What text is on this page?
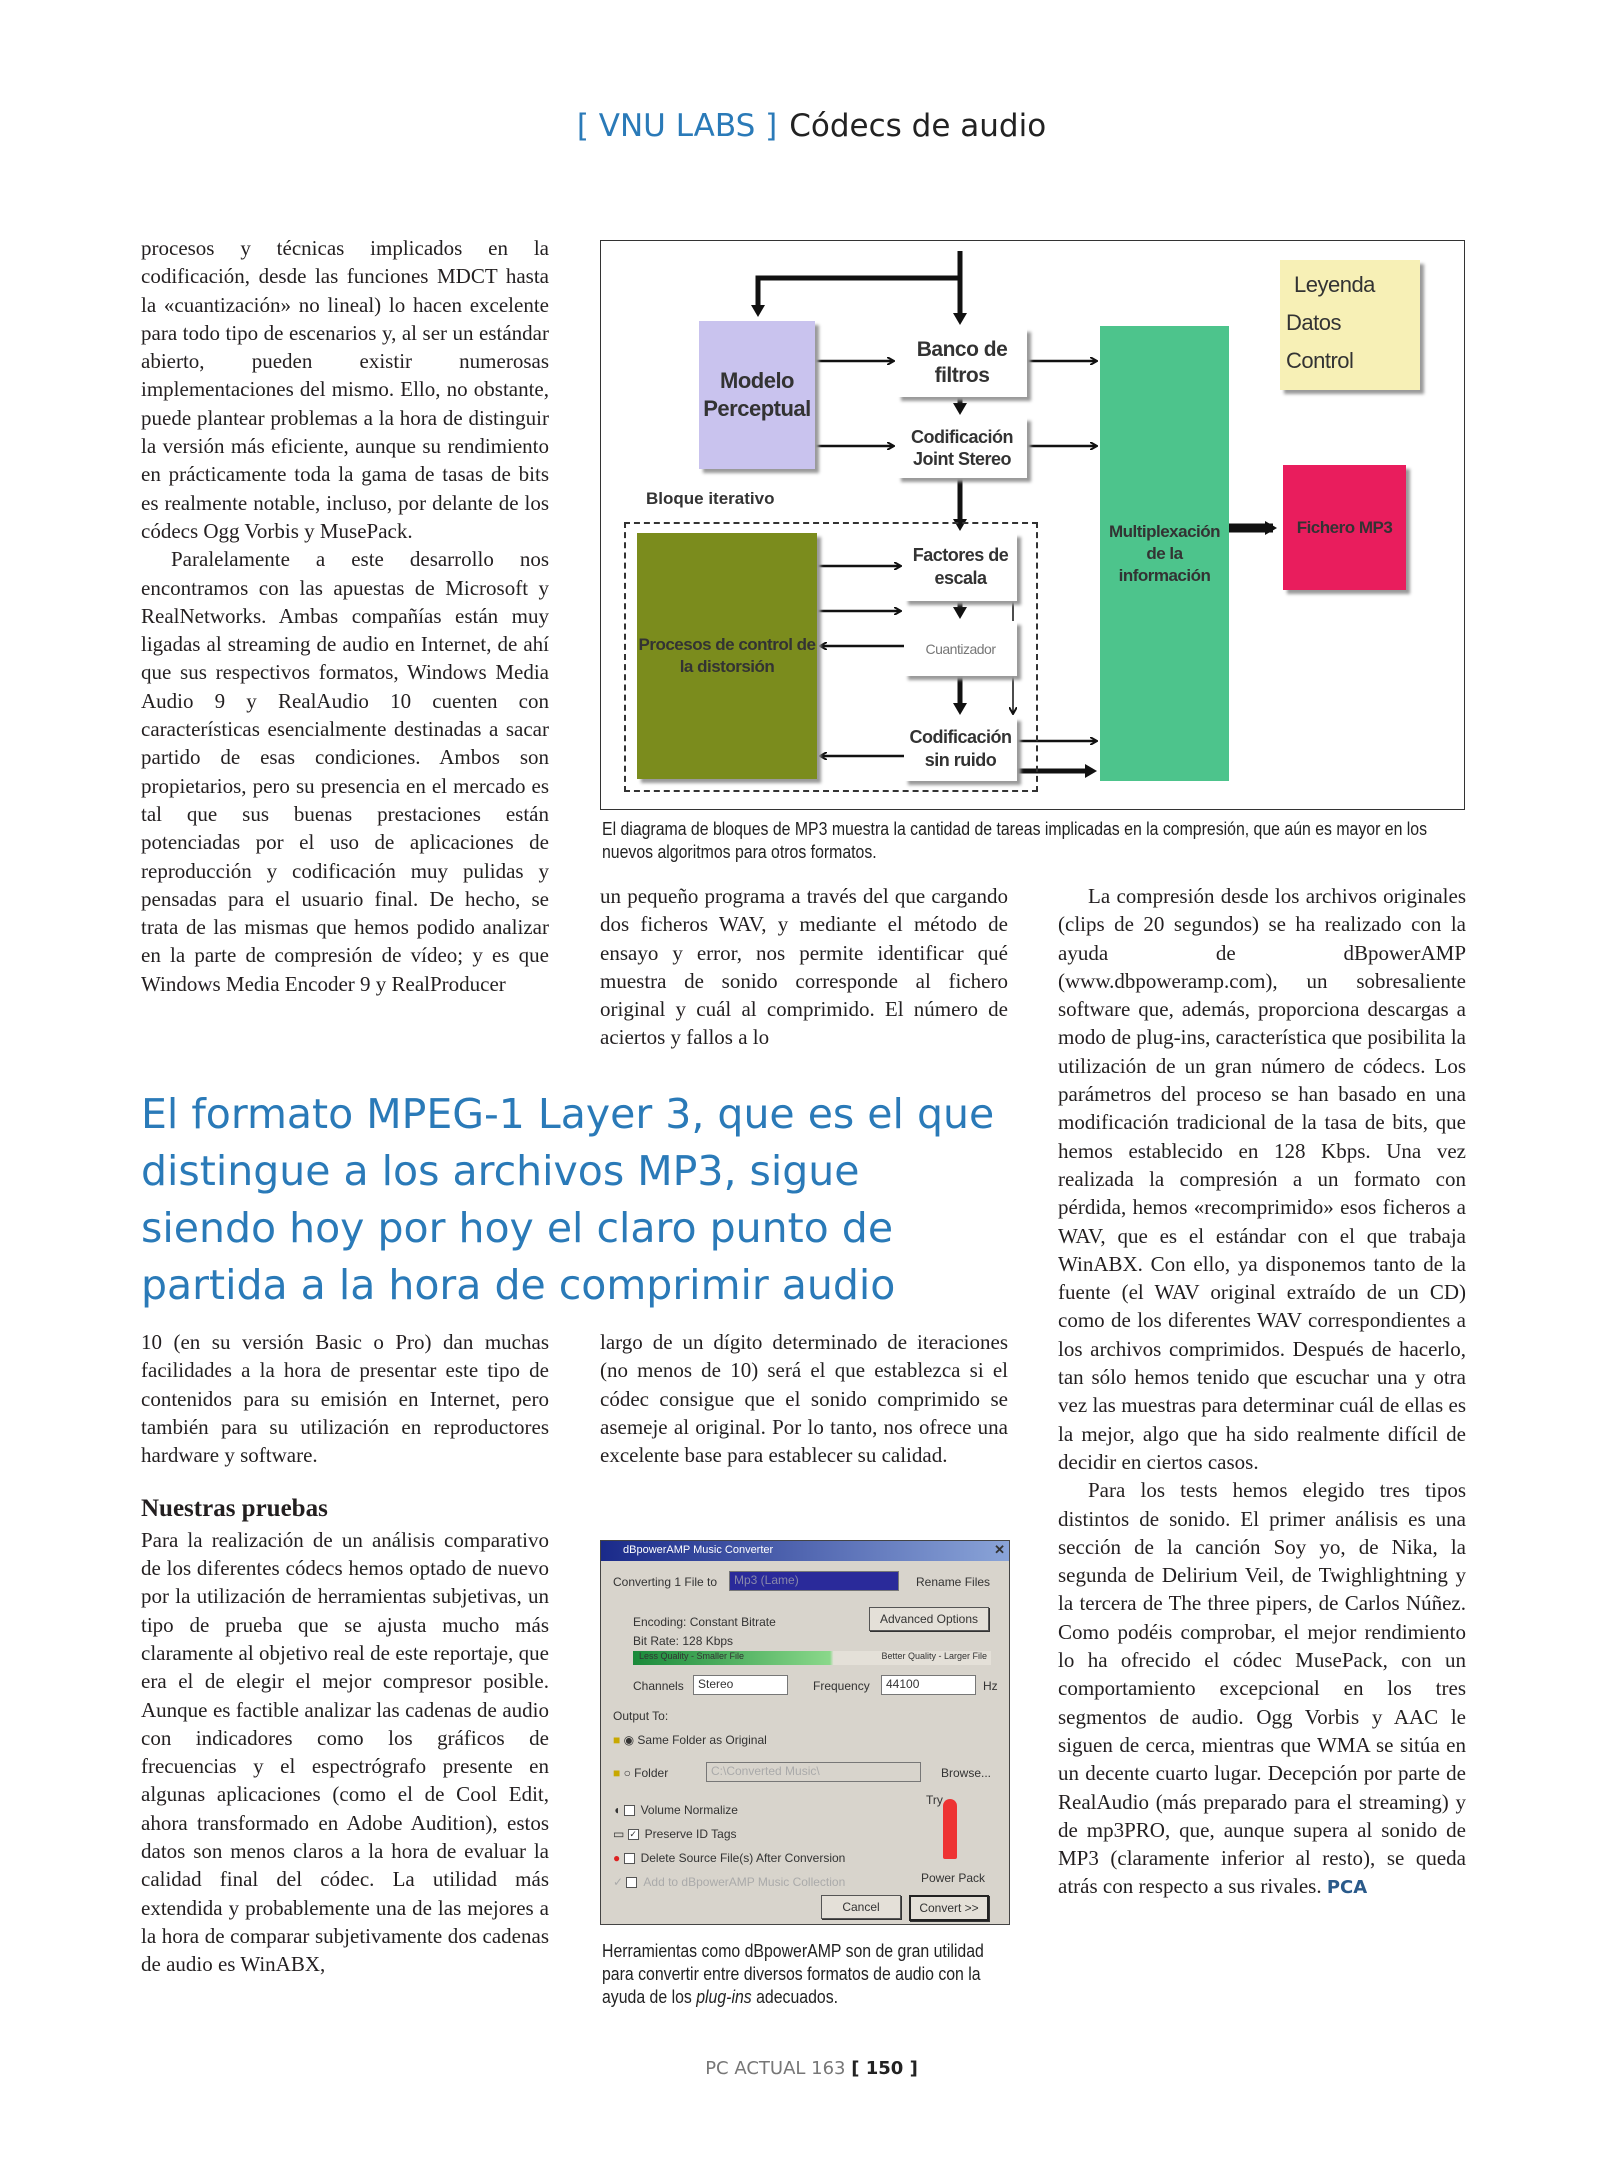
[ VNU LABS ] Códecs de audio

procesos y técnicas implicados en la codificación, desde las funciones MDCT hasta la «cuantización» no lineal) lo hacen excelente para todo tipo de escenarios y, al ser un estándar abierto, pueden existir numerosas implementaciones del mismo. Ello, no obstante, puede plantear problemas a la hora de distinguir la versión más eficiente, aunque su rendimiento en prácticamente toda la gama de tasas de bits es realmente notable, incluso, por delante de los códecs Ogg Vorbis y MusePack.

Paralelamente a este desarrollo nos encontramos con las apuestas de Microsoft y RealNetworks. Ambas compañías están muy ligadas al streaming de audio en Internet, de ahí que sus respectivos formatos, Windows Media Audio 9 y RealAudio 10 cuenten con características esencialmente destinadas a sacar partido de esas condiciones. Ambos son propietarios, pero su presencia en el mercado es tal que sus buenas prestaciones están potenciadas por el uso de aplicaciones de reproducción y codificación muy pulidas y pensadas para el usuario final. De hecho, se trata de las mismas que hemos podido analizar en la parte de compresión de vídeo; y es que Windows Media Encoder 9 y RealProducer

Modelo Perceptual
Banco de filtros
Codificación Joint Stereo
Multiplexación de la información
Leyenda
Datos
Control
Fichero MP3
Bloque iterativo
Procesos de control de la distorsión
Factores de escala
Cuantizador
Codificación sin ruido
El diagrama de bloques de MP3 muestra la cantidad de tareas implicadas en la compresión, que aún es mayor en los nuevos algoritmos para otros formatos.

un pequeño programa a través del que cargando dos ficheros WAV, y mediante el método de ensayo y error, nos permite identificar qué muestra de sonido corresponde al fichero original y cuál al comprimido. El número de aciertos y fallos a lo

El formato MPEG-1 Layer 3, que es el que distingue a los archivos MP3, sigue siendo hoy por hoy el claro punto de partida a la hora de comprimir audio

10 (en su versión Basic o Pro) dan muchas facilidades a la hora de presentar este tipo de contenidos para su emisión en Internet, pero también para su utilización en reproductores hardware y software.

Nuestras pruebas

Para la realización de un análisis comparativo de los diferentes códecs hemos optado de nuevo por la utilización de herramientas subjetivas, un tipo de prueba que se ajusta mucho más claramente al objetivo real de este reportaje, que era el de elegir el mejor compresor posible. Aunque es factible analizar las cadenas de audio con indicadores como los gráficos de frecuencias y el espectrógrafo presente en algunas aplicaciones (como el de Cool Edit, ahora transformado en Adobe Audition), estos datos son menos claros a la hora de evaluar la calidad final del códec. La utilidad más extendida y probablemente una de las mejores a la hora de comparar subjetivamente dos cadenas de audio es WinABX,

largo de un dígito determinado de iteraciones (no menos de 10) será el que establezca si el códec consigue que el sonido comprimido se asemeje al original. Por lo tanto, nos ofrece una excelente base para establecer su calidad.

dBpowerAMP Music Converter	✕
Converting 1 File to	Mp3 (Lame)	Rename Files
Encoding: Constant Bitrate	Advanced Options
Bit Rate: 128 Kbps
Less Quality - Smaller File	Better Quality - Larger File
Channels	Stereo	Frequency	44100	Hz
Output To:
■ ◉ Same Folder as Original
■ ○ Folder	C:\Converted Music\	Browse...
◖ Volume Normalize
▭ ✓ Preserve ID Tags
● Delete Source File(s) After Conversion
✓ Add to dBpowerAMP Music Collection
Try
Power Pack
Cancel	Convert >>
Herramientas como dBpowerAMP son de gran utilidad para convertir entre diversos formatos de audio con la ayuda de los plug-ins adecuados.

La compresión desde los archivos originales (clips de 20 segundos) se ha realizado con la ayuda de dBpowerAMP (www.dbpoweramp.com), un sobresaliente software que, además, proporciona descargas a modo de plug-ins, característica que posibilita la utilización de un gran número de códecs. Los parámetros del proceso se han basado en una modificación tradicional de la tasa de bits, que hemos establecido en 128 Kbps. Una vez realizada la compresión a un formato con pérdida, hemos «recomprimido» esos ficheros a WAV, que es el estándar con el que trabaja WinABX. Con ello, ya disponemos tanto de la fuente (el WAV original extraído de un CD) como de los diferentes WAV correspondientes a los archivos comprimidos. Después de hacerlo, tan sólo hemos tenido que escuchar una y otra vez las muestras para determinar cuál de ellas es la mejor, algo que ha sido realmente difícil de decidir en ciertos casos.

Para los tests hemos elegido tres tipos distintos de sonido. El primer análisis es una sección de la canción Soy yo, de Nika, la segunda de Delirium Veil, de Twighlightning y la tercera de The three pipers, de Carlos Núñez. Como podéis comprobar, el mejor rendimiento lo ha ofrecido el códec MusePack, con un comportamiento excepcional en los tres segmentos de audio. Ogg Vorbis y AAC le siguen de cerca, mientras que WMA se sitúa en un decente cuarto lugar. Decepción por parte de RealAudio (más preparado para el streaming) y de mp3PRO, que, aunque supera al sonido de MP3 (claramente inferior al resto), se queda atrás con respecto a sus rivales. PCA

PC ACTUAL 163 [ 150 ]
